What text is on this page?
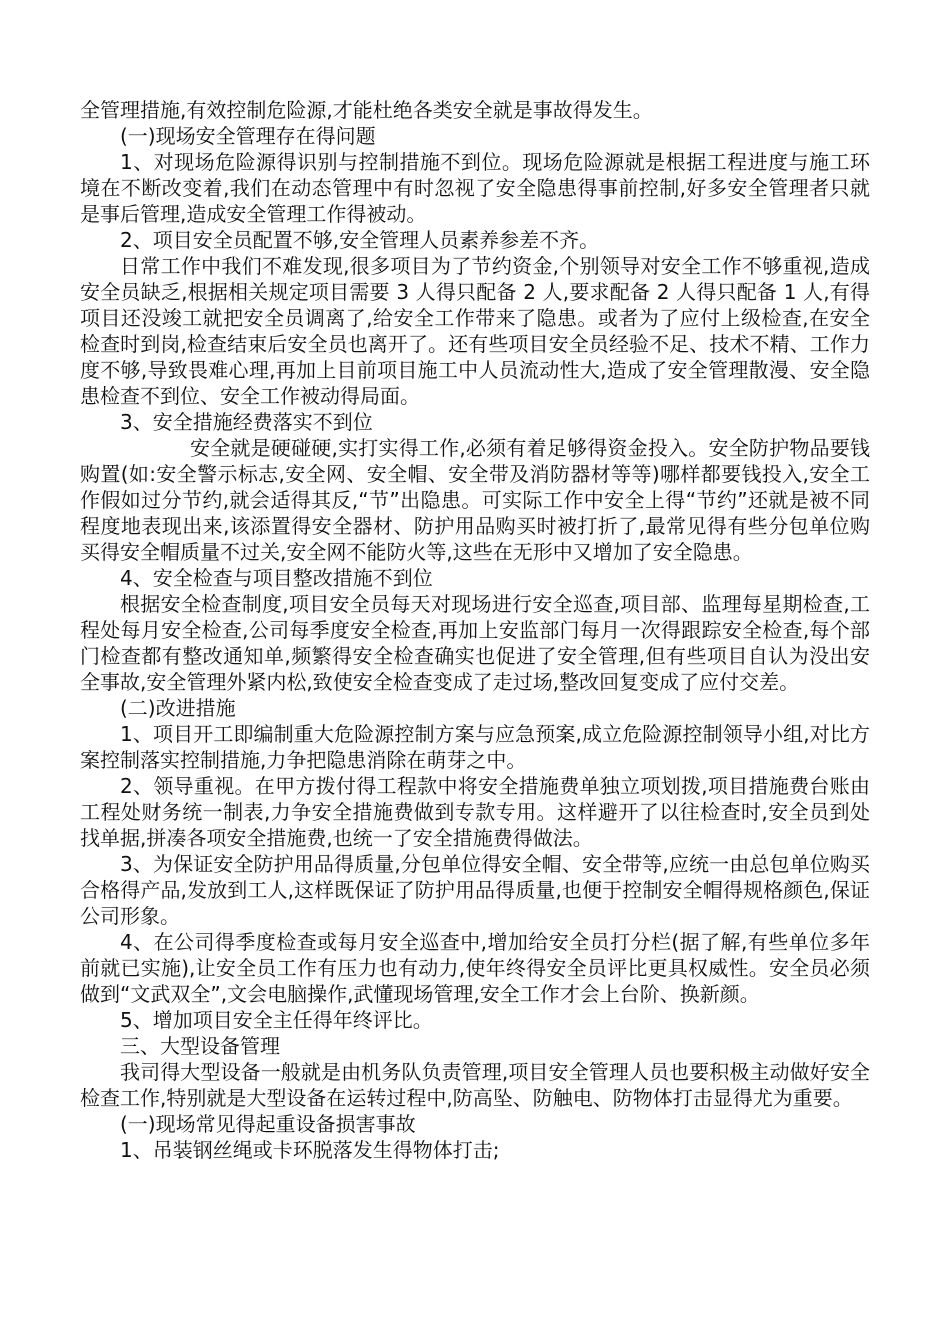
全管理措施,有效控制危险源,才能杜绝各类安全就是事故得发生。

(一)现场安全管理存在得问题

1、对现场危险源得识别与控制措施不到位。现场危险源就是根据工程进度与施工环境在不断改变着,我们在动态管理中有时忽视了安全隐患得事前控制,好多安全管理者只就是事后管理,造成安全管理工作得被动。

2、项目安全员配置不够,安全管理人员素养参差不齐。

日常工作中我们不难发现,很多项目为了节约资金,个别领导对安全工作不够重视,造成安全员缺乏,根据相关规定项目需要 3 人得只配备 2 人,要求配备 2 人得只配备 1 人,有得项目还没竣工就把安全员调离了,给安全工作带来了隐患。或者为了应付上级检查,在安全检查时到岗,检查结束后安全员也离开了。还有些项目安全员经验不足、技术不精、工作力度不够,导致畏难心理,再加上目前项目施工中人员流动性大,造成了安全管理散漫、安全隐患检查不到位、安全工作被动得局面。

3、安全措施经费落实不到位

安全就是硬碰硬,实打实得工作,必须有着足够得资金投入。安全防护物品要钱购置(如:安全警示标志,安全网、安全帽、安全带及消防器材等等)哪样都要钱投入,安全工作假如过分节约,就会适得其反,“节”出隐患。可实际工作中安全上得“节约”还就是被不同程度地表现出来,该添置得安全器材、防护用品购买时被打折了,最常见得有些分包单位购买得安全帽质量不过关,安全网不能防火等,这些在无形中又增加了安全隐患。

4、安全检查与项目整改措施不到位

根据安全检查制度,项目安全员每天对现场进行安全巡查,项目部、监理每星期检查,工程处每月安全检查,公司每季度安全检查,再加上安监部门每月一次得跟踪安全检查,每个部门检查都有整改通知单,频繁得安全检查确实也促进了安全管理,但有些项目自认为没出安全事故,安全管理外紧内松,致使安全检查变成了走过场,整改回复变成了应付交差。

(二)改进措施

1、项目开工即编制重大危险源控制方案与应急预案,成立危险源控制领导小组,对比方案控制落实控制措施,力争把隐患消除在萌芽之中。

2、领导重视。在甲方拨付得工程款中将安全措施费单独立项划拨,项目措施费台账由工程处财务统一制表,力争安全措施费做到专款专用。这样避开了以往检查时,安全员到处找单据,拼凑各项安全措施费,也统一了安全措施费得做法。

3、为保证安全防护用品得质量,分包单位得安全帽、安全带等,应统一由总包单位购买合格得产品,发放到工人,这样既保证了防护用品得质量,也便于控制安全帽得规格颜色,保证公司形象。

4、在公司得季度检查或每月安全巡查中,增加给安全员打分栏(据了解,有些单位多年前就已实施),让安全员工作有压力也有动力,使年终得安全员评比更具权威性。安全员必须做到“文武双全”,文会电脑操作,武懂现场管理,安全工作才会上台阶、换新颜。

5、增加项目安全主任得年终评比。

三、大型设备管理

我司得大型设备一般就是由机务队负责管理,项目安全管理人员也要积极主动做好安全检查工作,特别就是大型设备在运转过程中,防高坠、防触电、防物体打击显得尤为重要。

(一)现场常见得起重设备损害事故

1、吊装钢丝绳或卡环脱落发生得物体打击;
